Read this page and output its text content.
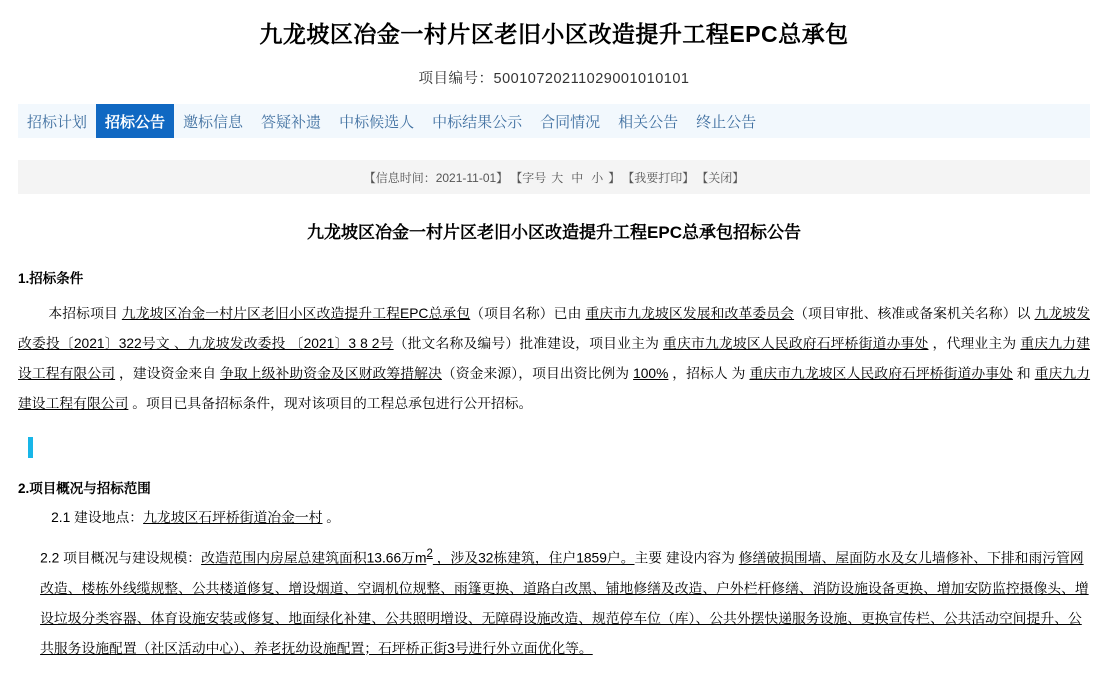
九龙坡区冶金一村片区老旧小区改造提升工程EPC总承包
项目编号：50010720211029001010101
招标计划	招标公告	邀标信息	答疑补遗	中标候选人	中标结果公示	合同情况	相关公告	终止公告
【信息时间：2021-11-01】 【字号 大 中 小 】 【我要打印】 【关闭】
九龙坡区冶金一村片区老旧小区改造提升工程EPC总承包招标公告
1.招标条件
本招标项目 九龙坡区冶金一村片区老旧小区改造提升工程EPC总承包（项目名称）已由 重庆市九龙坡区发展和改革委员会（项目审批、核准或备案机关名称）以 九龙坡发改委投〔2021〕322号文 、九龙坡发改委投 〔2021〕3 8 2号（批文名称及编号）批准建设，项目业主为 重庆市九龙坡区人民政府石坪桥街道办事处 ，代理业主为 重庆九力建设工程有限公司 ，建设资金来自 争取上级补助资金及区财政筹措解决（资金来源），项目出资比例为 100% ，招标人 为 重庆市九龙坡区人民政府石坪桥街道办事处 和 重庆九力建设工程有限公司 。项目已具备招标条件，现对该项目的工程总承包进行公开招标。
2.项目概况与招标范围
2.1 建设地点：九龙坡区石坪桥街道冶金一村 。
2.2 项目概况与建设规模：改造范围内房屋总建筑面积13.66万$m^2$ ，涉及32栋建筑，住户1859户。主要 建设内容为 修缮破损围墙、屋面防水及女儿墙修补、下排和雨污管网改造、楼栋外线缆规整、公共楼道修复、增设烟道、空调机位规整、雨篷更换、道路白改黑、铺地修缮及改造、户外栏杆修缮、消防设施设备更换、增加安防监控摄像头、增设垃圾分类容器、体育设施安装或修复、地面绿化补建、公共照明增设、无障碍设施改造、规范停车位（库）、公共外摆快递服务设施、更换宣传栏、公共活动空间提升、公共服务设施配置（社区活动中心）、养老抚幼设施配置；石坪桥正街3号进行外立面优化等。
